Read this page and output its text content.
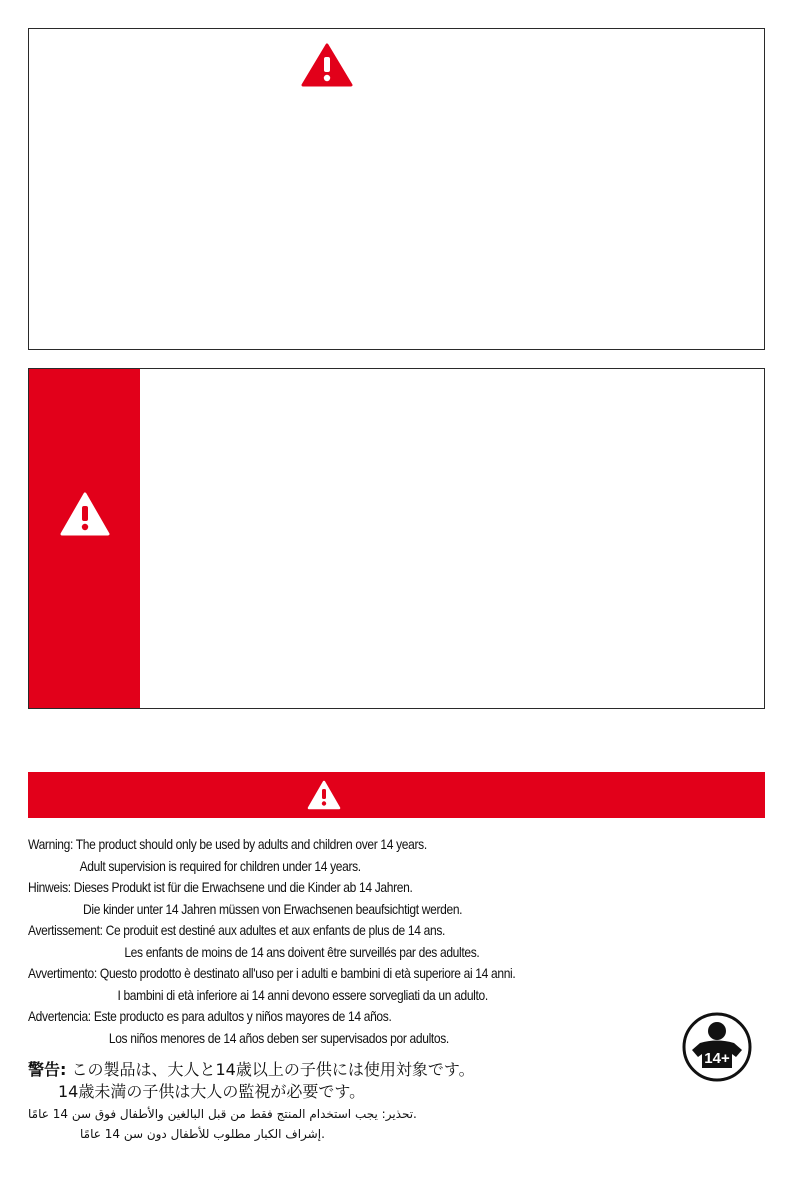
Warning: The product should only be used by adults and children over 14 years.
Adult supervision is required for children under 14 years.
Hinweis: Dieses Produkt ist für die Erwachsene und die Kinder ab 14 Jahren.
Die kinder unter 14 Jahren müssen von Erwachsenen beaufsichtigt werden.
Avertissement: Ce produit est destiné aux adultes et aux enfants de plus de 14 ans.
Les enfants de moins de 14 ans doivent être surveillés par des adultes.
Avvertimento: Questo prodotto è destinato all'uso per i adulti e bambini di età superiore ai 14 anni.
I bambini di età inferiore ai 14 anni devono essere sorvegliati da un adulto.
Advertencia: Este producto es para adultos y niños mayores de 14 años.
Los niños menores de 14 años deben ser supervisados por adultos.
警告: この製品は、大人と14歳以上の子供には使用対象です。
14歳未満の子供は大人の監視が必要です。
تحذير: يجب استخدام المنتج فقط من قبل البالغين والأطفال فوق سن 14 عامًا.
إشراف الكبار مطلوب للأطفال دون سن 14 عامًا.
14+
